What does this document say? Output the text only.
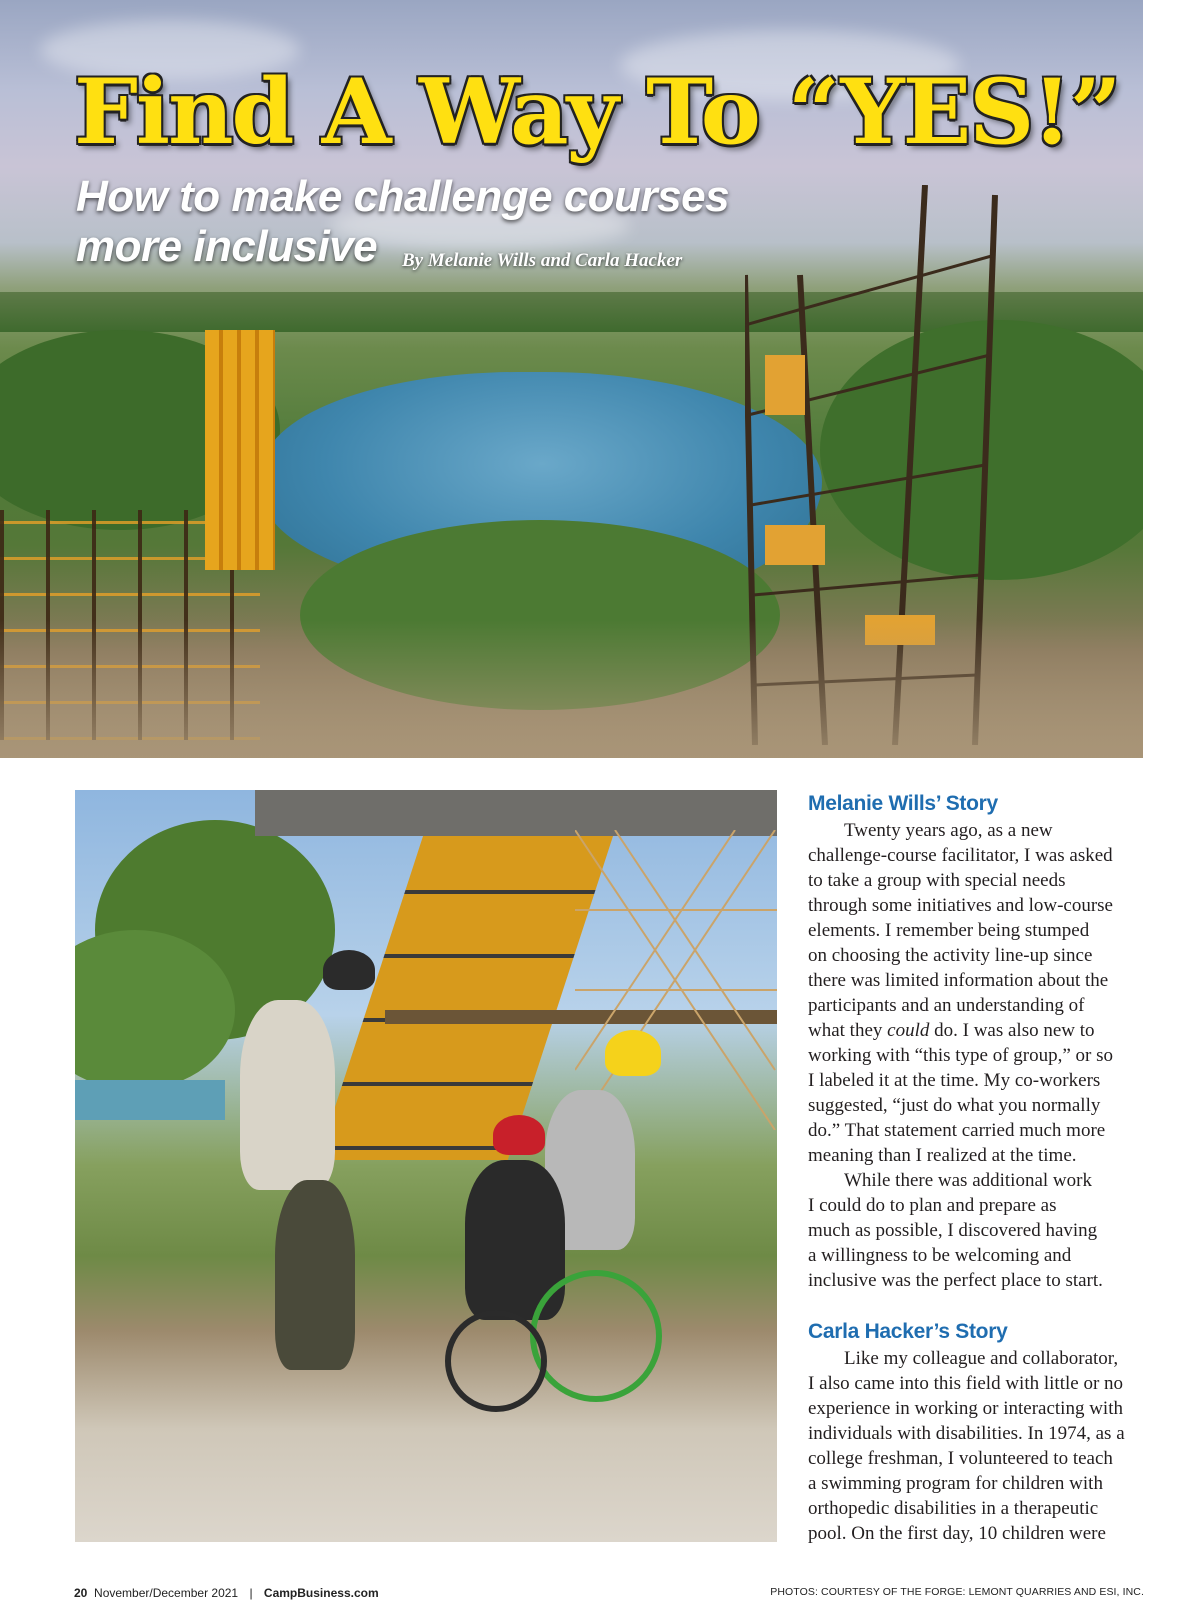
Find A Way To “YES!”
How to make challenge courses
more inclusive	By Melanie Wills and Carla Hacker
Melanie Wills’ Story

Twenty years ago, as a new
challenge-course facilitator, I was asked
to take a group with special needs
through some initiatives and low-course
elements. I remember being stumped
on choosing the activity line-up since
there was limited information about the
participants and an understanding of
what they could do. I was also new to
working with “this type of group,” or so
I labeled it at the time. My co-workers
suggested, “just do what you normally
do.” That statement carried much more
meaning than I realized at the time.

While there was additional work
I could do to plan and prepare as
much as possible, I discovered having
a willingness to be welcoming and
inclusive was the perfect place to start.

Carla Hacker’s Story

Like my colleague and collaborator,
I also came into this field with little or no
experience in working or interacting with
individuals with disabilities. In 1974, as a
college freshman, I volunteered to teach
a swimming program for children with
orthopedic disabilities in a therapeutic
pool. On the first day, 10 children were

20 November/December 2021 | CampBusiness.com	PHOTOS: COURTESY OF THE FORGE: LEMONT QUARRIES AND ESI, INC.
